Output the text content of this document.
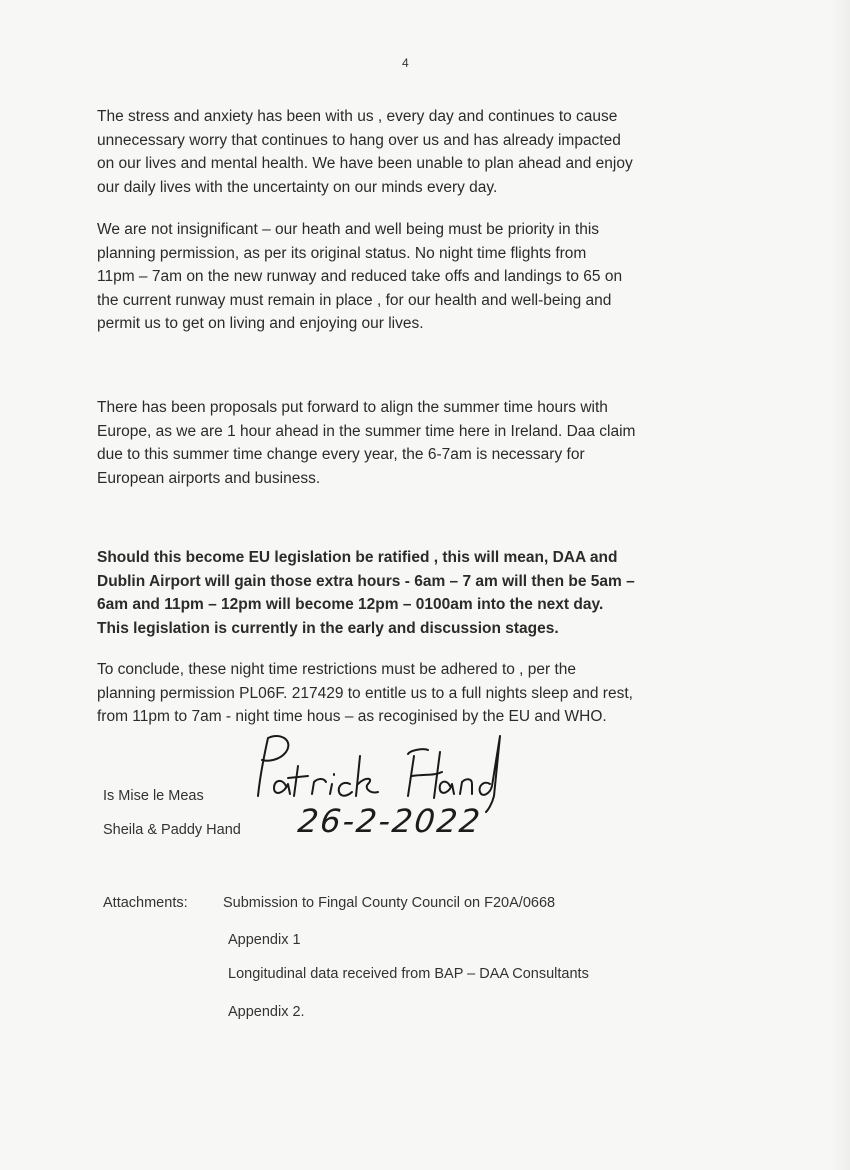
4
The stress and anxiety has been with us , every day and continues to cause
unnecessary worry that continues to hang over us and has already impacted
on our lives and mental health. We have been unable to plan ahead and enjoy
our daily lives with the uncertainty on our minds every day.
We are not insignificant – our heath and well being must be priority in this
planning permission, as per its original status. No night time flights from
11pm – 7am on the new runway and reduced take offs and landings to 65 on
the current runway must remain in place , for our health and well-being and
permit us to get on living and enjoying our lives.
There has been proposals put forward to align the summer time hours with
Europe, as we are 1 hour ahead in the summer time here in Ireland. Daa claim
due to this summer time change every year, the 6-7am is necessary for
European airports and business.
Should this become EU legislation be ratified , this will mean, DAA and
Dublin Airport will gain those extra hours - 6am – 7 am will then be 5am –
6am and 11pm – 12pm will become 12pm – 0100am into the next day.
This legislation is currently in the early and discussion stages.
To conclude, these night time restrictions must be adhered to , per the
planning permission PL06F. 217429 to entitle us to a full nights sleep and rest,
from 11pm to 7am - night time hous – as recoginised by the EU and WHO.
Is Mise le Meas
Sheila & Paddy Hand 26-2-2022
Attachments: Submission to Fingal County Council on F20A/0668
Appendix 1
Longitudinal data received from BAP – DAA Consultants
Appendix 2.
